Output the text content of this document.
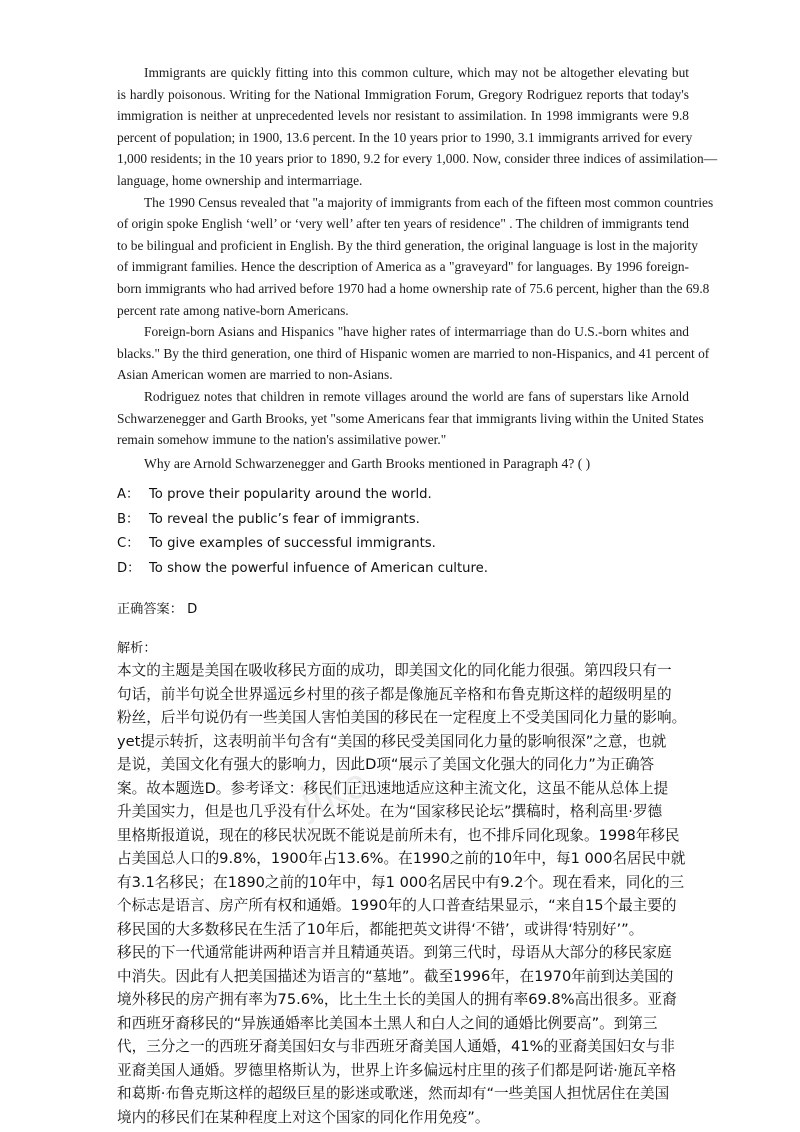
Immigrants are quickly fitting into this common culture, which may not be altogether elevating but
is hardly poisonous. Writing for the National Immigration Forum, Gregory Rodriguez reports that today's
immigration is neither at unprecedented levels nor resistant to assimilation. In 1998 immigrants were 9.8
percent of population; in 1900, 13.6 percent. In the 10 years prior to 1990, 3.1 immigrants arrived for every
1,000 residents; in the 10 years prior to 1890, 9.2 for every 1,000. Now, consider three indices of assimilation—
language, home ownership and intermarriage.
The 1990 Census revealed that "a majority of immigrants from each of the fifteen most common countries
of origin spoke English ‘well’ or ‘very well’ after ten years of residence" . The children of immigrants tend
to be bilingual and proficient in English. By the third generation, the original language is lost in the majority
of immigrant families. Hence the description of America as a "graveyard" for languages. By 1996 foreign-
born immigrants who had arrived before 1970 had a home ownership rate of 75.6 percent, higher than the 69.8
percent rate among native-born Americans.
Foreign-born Asians and Hispanics "have higher rates of intermarriage than do U.S.-born whites and
blacks." By the third generation, one third of Hispanic women are married to non-Hispanics, and 41 percent of
Asian American women are married to non-Asians.
Rodriguez notes that children in remote villages around the world are fans of superstars like Arnold
Schwarzenegger and Garth Brooks, yet "some Americans fear that immigrants living within the United States
remain somehow immune to the nation's assimilative power."
Why are Arnold Schwarzenegger and Garth Brooks mentioned in Paragraph 4? ( )
A： To prove their popularity around the world.
B： To reveal the public’s fear of immigrants.
C： To give examples of successful immigrants.
D： To show the powerful infuence of American culture.
正确答案： D
解析：
本文的主题是美国在吸收移民方面的成功，即美国文化的同化能力很强。第四段只有一
句话，前半句说全世界遥远乡村里的孩子都是像施瓦辛格和布鲁克斯这样的超级明星的
粉丝，后半句说仍有一些美国人害怕美国的移民在一定程度上不受美国同化力量的影响。
yet提示转折，这表明前半句含有“美国的移民受美国同化力量的影响很深”之意，也就
是说，美国文化有强大的影响力，因此D项“展示了美国文化强大的同化力”为正确答
案。故本题选D。参考译文：移民们正迅速地适应这种主流文化，这虽不能从总体上提
升美国实力，但是也几乎没有什么坏处。在为“国家移民论坛”撰稿时，格利高里·罗德
里格斯报道说，现在的移民状况既不能说是前所未有，也不排斥同化现象。1998年移民
占美国总人口的9.8%，1900年占13.6%。在1990之前的10年中，每1 000名居民中就
有3.1名移民；在1890之前的10年中，每1 000名居民中有9.2个。现在看来，同化的三
个标志是语言、房产所有权和通婚。1990年的人口普查结果显示，“来自15个最主要的
移民国的大多数移民在生活了10年后，都能把英文讲得‘不错’，或讲得‘特别好’”。
移民的下一代通常能讲两种语言并且精通英语。到第三代时，母语从大部分的移民家庭
中消失。因此有人把美国描述为语言的“墓地”。截至1996年，在1970年前到达美国的
境外移民的房产拥有率为75.6%，比土生土长的美国人的拥有率69.8%高出很多。亚裔
和西班牙裔移民的“异族通婚率比美国本土黑人和白人之间的通婚比例要高”。到第三
代，三分之一的西班牙裔美国妇女与非西班牙裔美国人通婚，41%的亚裔美国妇女与非
亚裔美国人通婚。罗德里格斯认为，世界上许多偏远村庄里的孩子们都是阿诺·施瓦辛格
和葛斯·布鲁克斯这样的超级巨星的影迷或歌迷，然而却有“一些美国人担忧居住在美国
境内的移民们在某种程度上对这个国家的同化作用免疫”。
jiko
